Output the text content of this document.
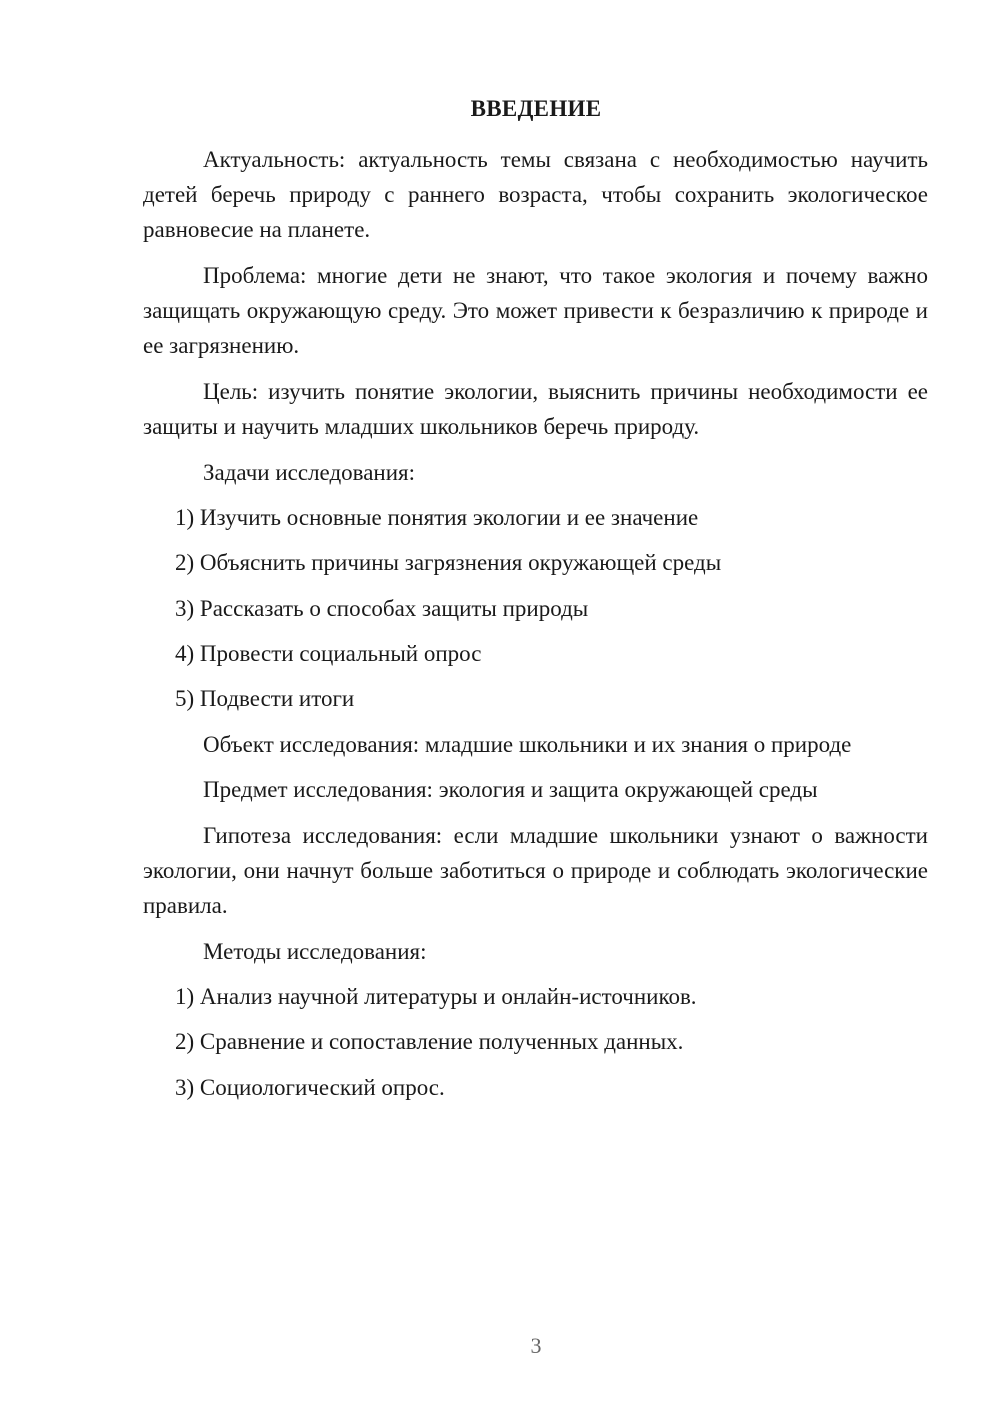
ВВЕДЕНИЕ
Актуальность: актуальность темы связана с необходимостью научить детей беречь природу с раннего возраста, чтобы сохранить экологическое равновесие на планете.
Проблема: многие дети не знают, что такое экология и почему важно защищать окружающую среду. Это может привести к безразличию к природе и ее загрязнению.
Цель: изучить понятие экологии, выяснить причины необходимости ее защиты и научить младших школьников беречь природу.
Задачи исследования:
1) Изучить основные понятия экологии и ее значение
2) Объяснить причины загрязнения окружающей среды
3) Рассказать о способах защиты природы
4) Провести социальный опрос
5) Подвести итоги
Объект исследования: младшие школьники и их знания о природе
Предмет исследования: экология и защита окружающей среды
Гипотеза исследования: если младшие школьники узнают о важности экологии, они начнут больше заботиться о природе и соблюдать экологические правила.
Методы исследования:
1) Анализ научной литературы и онлайн-источников.
2) Сравнение и сопоставление полученных данных.
3) Социологический опрос.
3
